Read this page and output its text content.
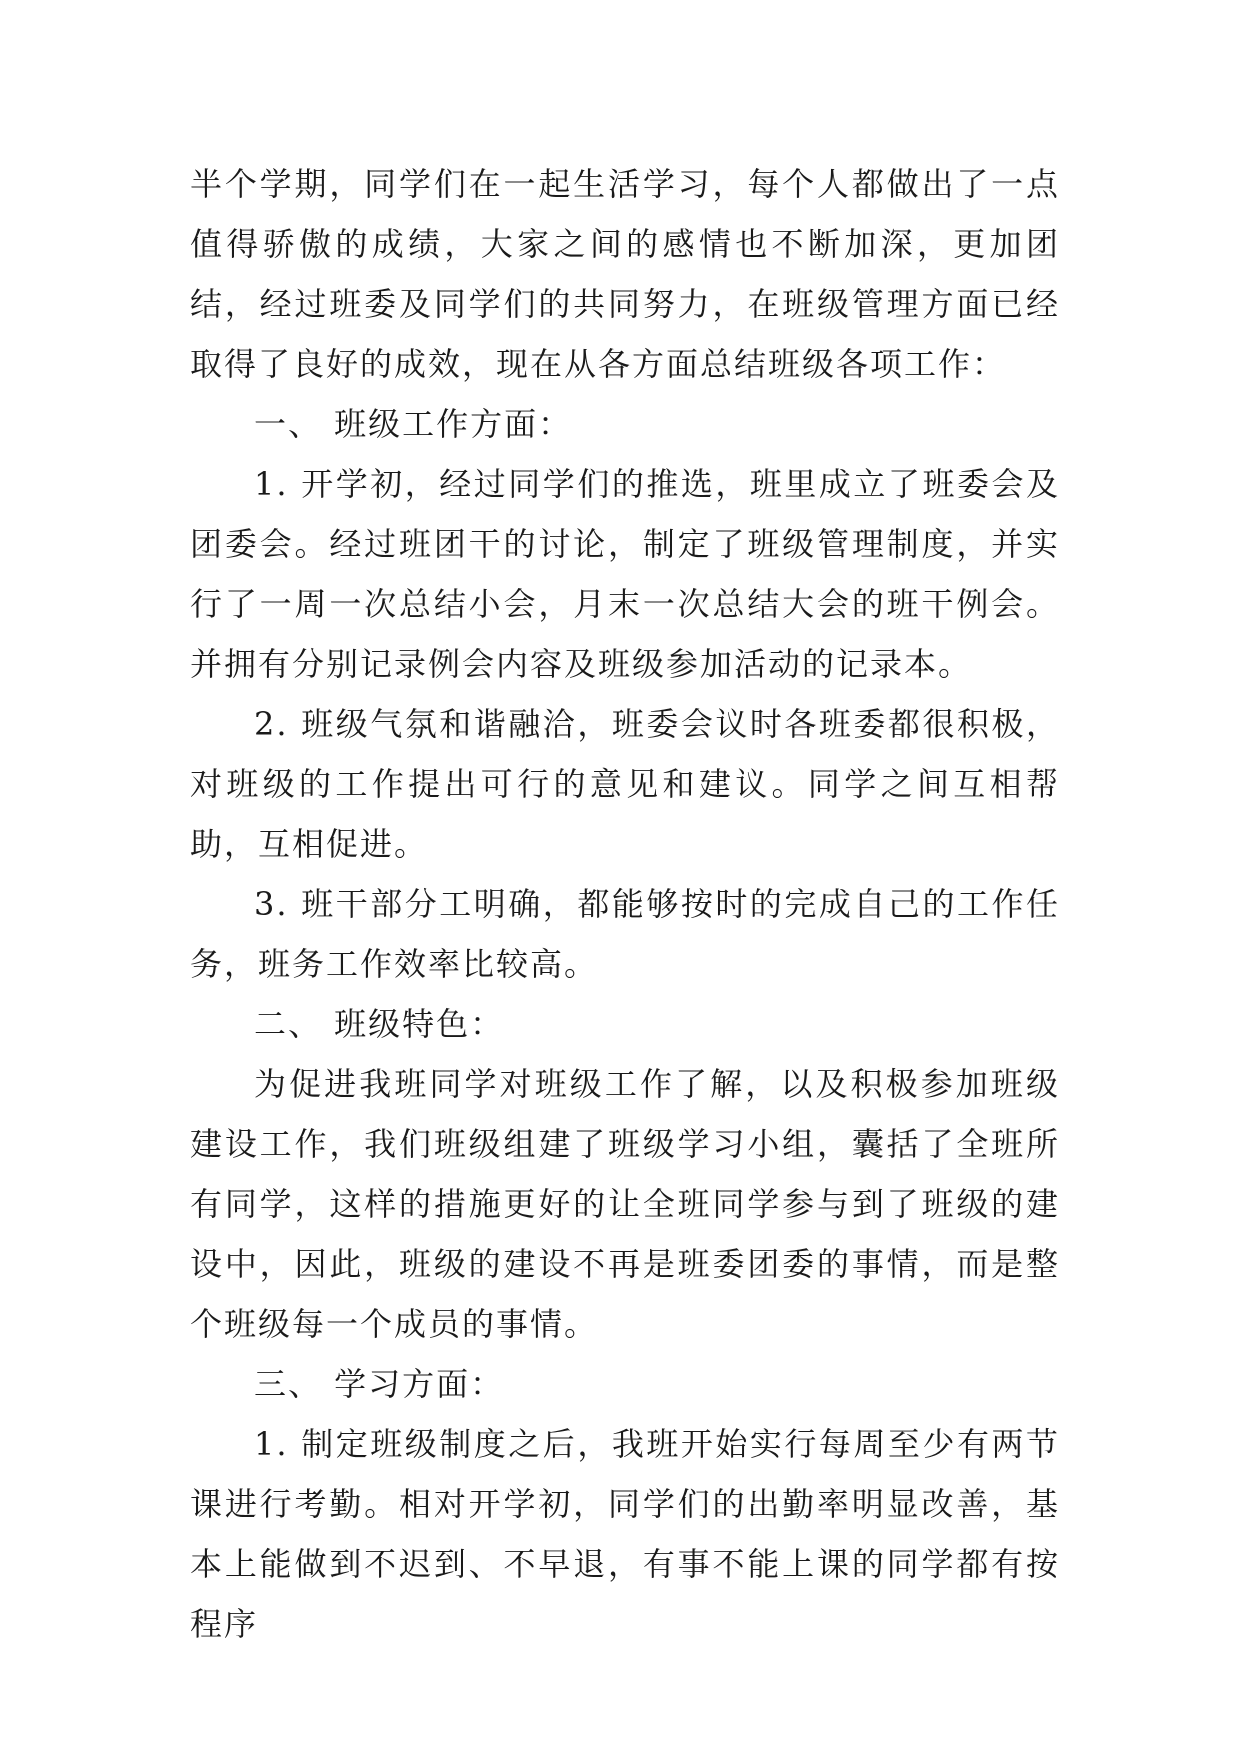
半个学期，同学们在一起生活学习，每个人都做出了一点值得骄傲的成绩，大家之间的感情也不断加深，更加团结，经过班委及同学们的共同努力，在班级管理方面已经取得了良好的成效，现在从各方面总结班级各项工作：

一、 班级工作方面：

1. 开学初，经过同学们的推选，班里成立了班委会及团委会。经过班团干的讨论，制定了班级管理制度，并实行了一周一次总结小会，月末一次总结大会的班干例会。并拥有分别记录例会内容及班级参加活动的记录本。

2. 班级气氛和谐融洽，班委会议时各班委都很积极，对班级的工作提出可行的意见和建议。同学之间互相帮助，互相促进。

3. 班干部分工明确，都能够按时的完成自己的工作任务，班务工作效率比较高。

二、 班级特色：

为促进我班同学对班级工作了解，以及积极参加班级建设工作，我们班级组建了班级学习小组，囊括了全班所有同学，这样的措施更好的让全班同学参与到了班级的建设中，因此，班级的建设不再是班委团委的事情，而是整个班级每一个成员的事情。

三、 学习方面：

1. 制定班级制度之后，我班开始实行每周至少有两节课进行考勤。相对开学初，同学们的出勤率明显改善，基本上能做到不迟到、不早退，有事不能上课的同学都有按程序
